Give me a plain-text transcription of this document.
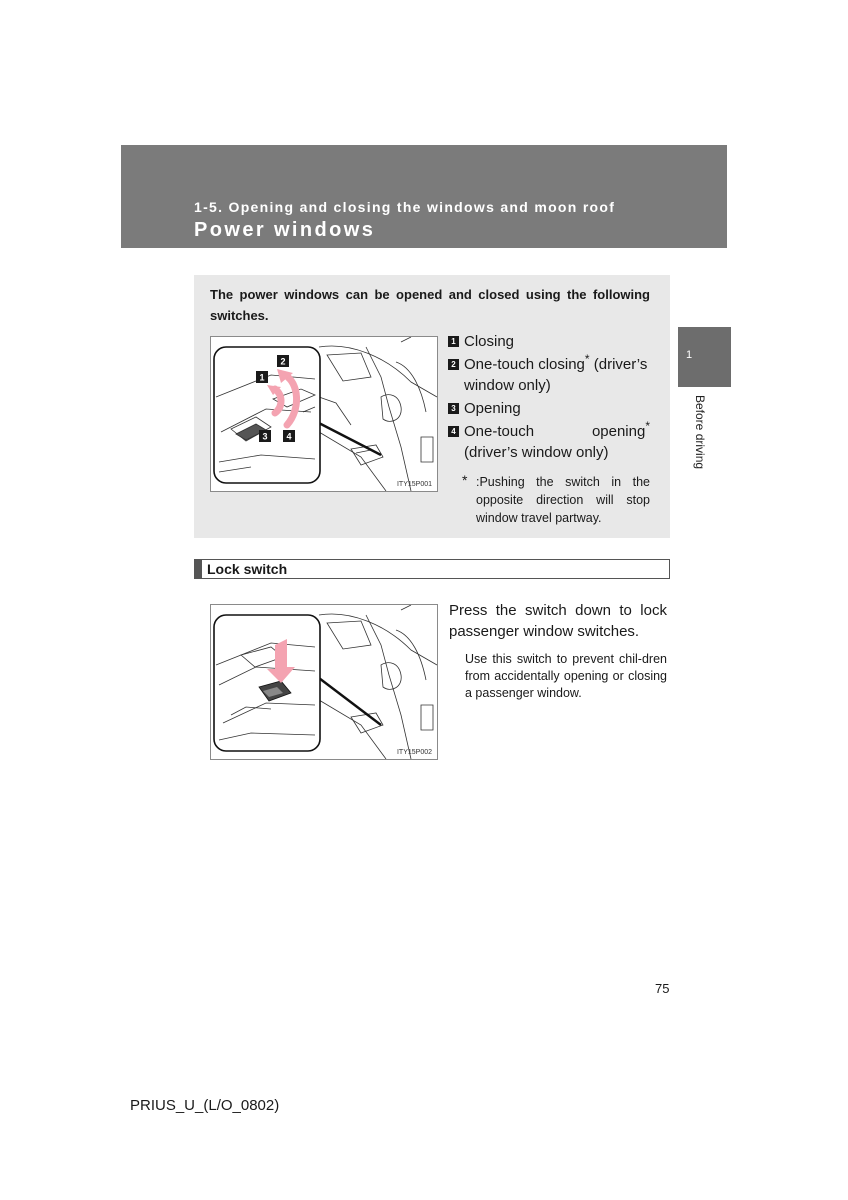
1-5. Opening and closing the windows and moon roof
Power windows
1
Before driving
The power windows can be opened and closed using the following switches.
1
2
3 4
ITY15P001
1 Closing
2 One-touch closing* (driver’s window only)
3 Opening
4 One-touch	opening*
(driver’s window only)
* :Pushing the switch in the opposite direction will stop window travel partway.
Lock switch
ITY15P002
Press the switch down to lock passenger window switches.
Use this switch to prevent chil-dren from accidentally opening or closing a passenger window.
75
PRIUS_U_(L/O_0802)
